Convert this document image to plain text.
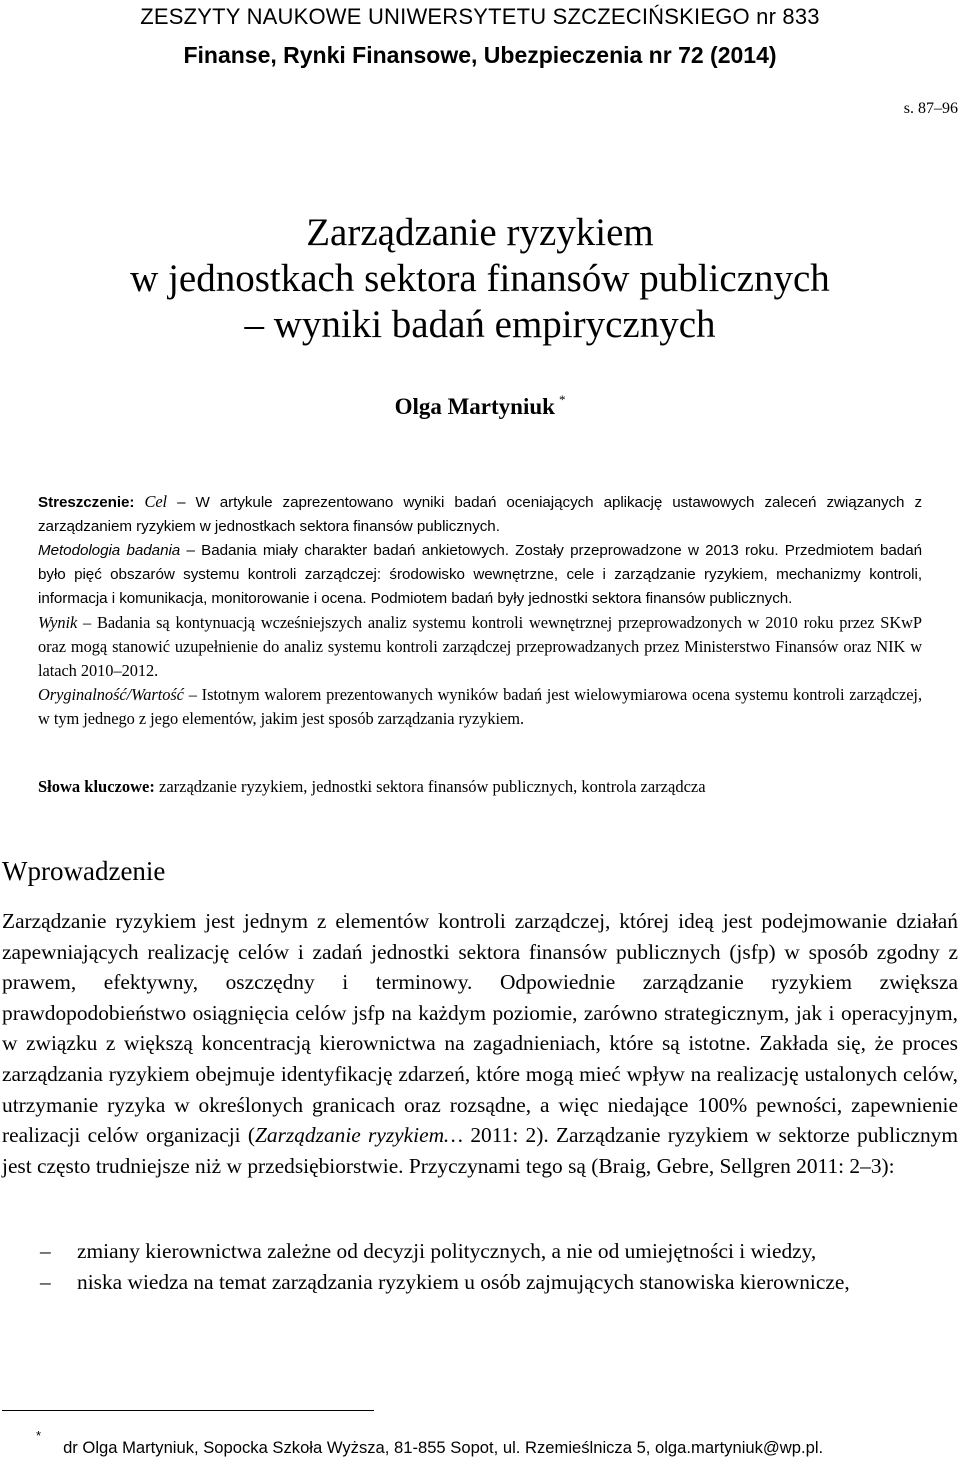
ZESZYTY NAUKOWE UNIWERSYTETU SZCZECIŃSKIEGO nr 833
Finanse, Rynki Finansowe, Ubezpieczenia nr 72 (2014)
s. 87–96
Zarządzanie ryzykiem
w jednostkach sektora finansów publicznych
– wyniki badań empirycznych
Olga Martyniuk *

Streszczenie: Cel – W artykule zaprezentowano wyniki badań oceniających aplikację ustawowych zaleceń związanych z zarządzaniem ryzykiem w jednostkach sektora finansów publicznych.

Metodologia badania – Badania miały charakter badań ankietowych. Zostały przeprowadzone w 2013 roku. Przedmiotem badań było pięć obszarów systemu kontroli zarządczej: środowisko wewnętrzne, cele i zarządzanie ryzykiem, mechanizmy kontroli, informacja i komunikacja, monitorowanie i ocena. Podmiotem badań były jednostki sektora finansów publicznych.

Wynik – Badania są kontynuacją wcześniejszych analiz systemu kontroli wewnętrznej przeprowadzonych w 2010 roku przez SKwP oraz mogą stanowić uzupełnienie do analiz systemu kontroli zarządczej przeprowadzanych przez Ministerstwo Finansów oraz NIK w latach 2010–2012.

Oryginalność/Wartość – Istotnym walorem prezentowanych wyników badań jest wielowymiarowa ocena systemu kontroli zarządczej, w tym jednego z jego elementów, jakim jest sposób zarządzania ryzykiem.

Słowa kluczowe: zarządzanie ryzykiem, jednostki sektora finansów publicznych, kontrola zarządcza
Wprowadzenie

Zarządzanie ryzykiem jest jednym z elementów kontroli zarządczej, której ideą jest podejmowanie działań zapewniających realizację celów i zadań jednostki sektora finansów publicznych (jsfp) w sposób zgodny z prawem, efektywny, oszczędny i terminowy. Odpowiednie zarządzanie ryzykiem zwiększa prawdopodobieństwo osiągnięcia celów jsfp na każdym poziomie, zarówno strategicznym, jak i operacyjnym, w związku z większą koncentracją kierownictwa na zagadnieniach, które są istotne. Zakłada się, że proces zarządzania ryzykiem obejmuje identyfikację zdarzeń, które mogą mieć wpływ na realizację ustalonych celów, utrzymanie ryzyka w określonych granicach oraz rozsądne, a więc niedające 100% pewności, zapewnienie realizacji celów organizacji (Zarządzanie ryzykiem… 2011: 2). Zarządzanie ryzykiem w sektorze publicznym jest często trudniejsze niż w przedsiębiorstwie. Przyczynami tego są (Braig, Gebre, Sellgren 2011: 2–3):

– zmiany kierownictwa zależne od decyzji politycznych, a nie od umiejętności i wiedzy,
– niska wiedza na temat zarządzania ryzykiem u osób zajmujących stanowiska kierownicze,
*dr Olga Martyniuk, Sopocka Szkoła Wyższa, 81-855 Sopot, ul. Rzemieślnicza 5, olga.martyniuk@wp.pl.
